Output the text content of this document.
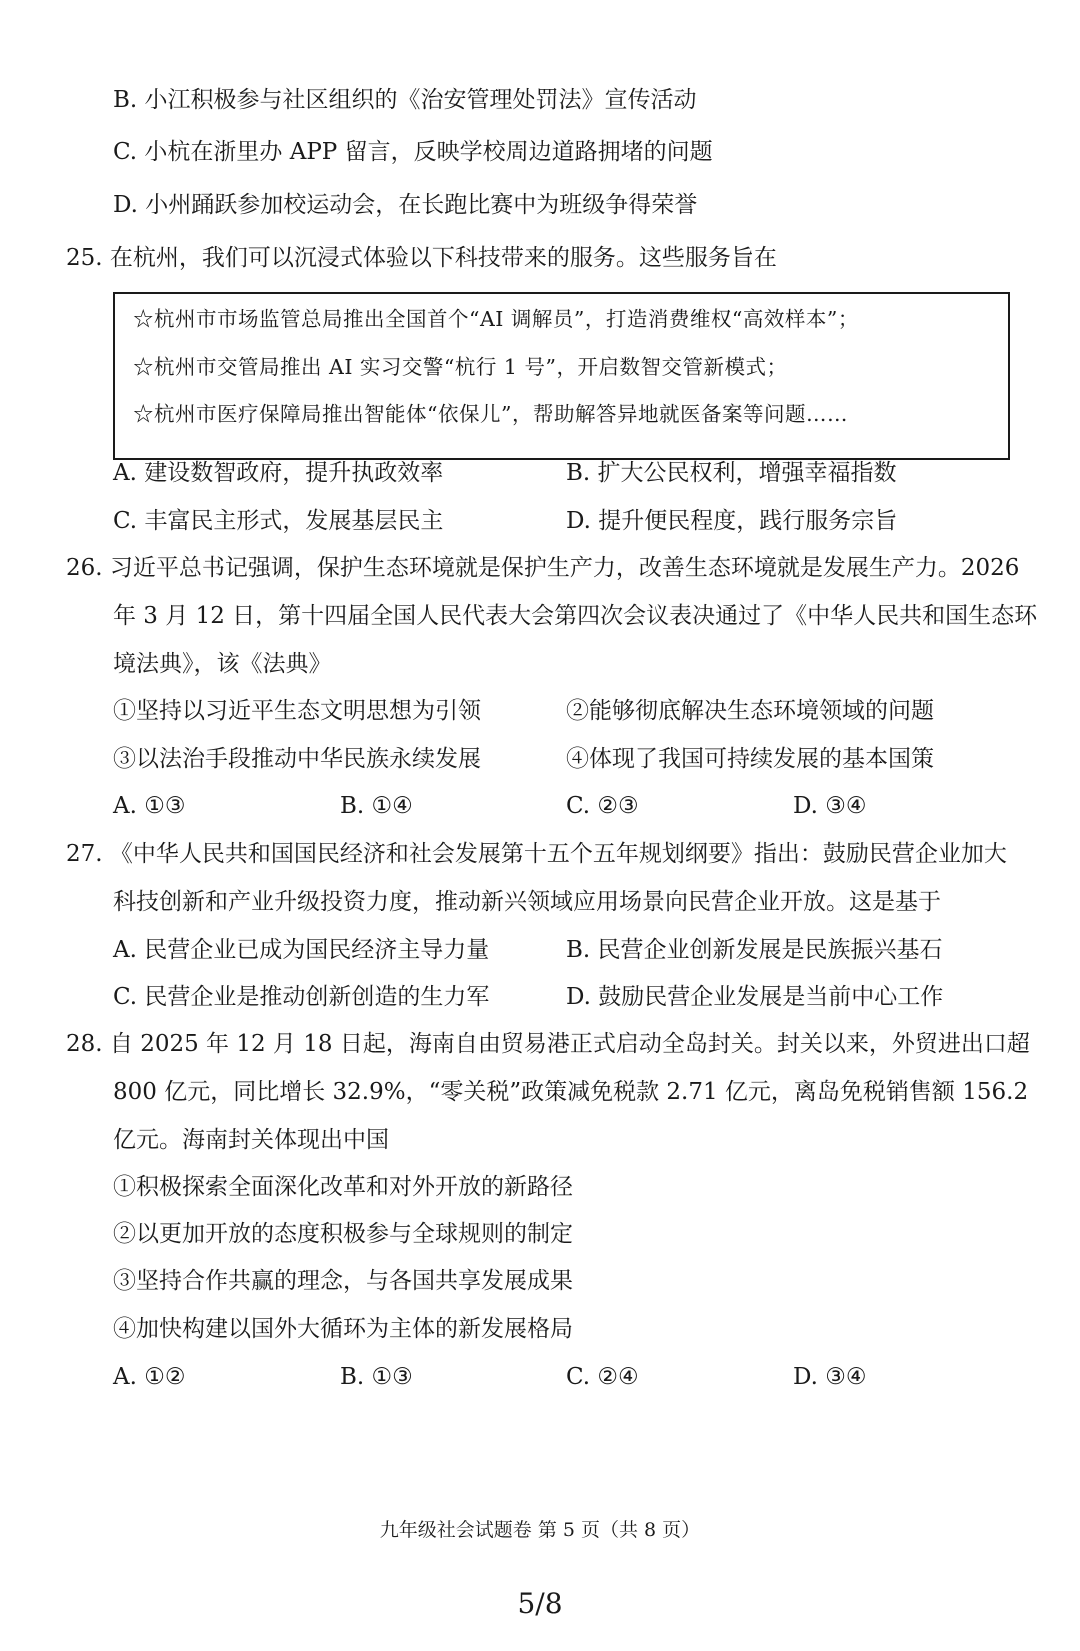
B. 小江积极参与社区组织的《治安管理处罚法》宣传活动
C. 小杭在浙里办 APP 留言，反映学校周边道路拥堵的问题
D. 小州踊跃参加校运动会，在长跑比赛中为班级争得荣誉
25. 在杭州，我们可以沉浸式体验以下科技带来的服务。这些服务旨在
☆杭州市市场监管总局推出全国首个“AI 调解员”，打造消费维权“高效样本”；
☆杭州市交管局推出 AI 实习交警“杭行 1 号”，开启数智交管新模式；
☆杭州市医疗保障局推出智能体“依保儿”，帮助解答异地就医备案等问题……
A. 建设数智政府，提升执政效率	B. 扩大公民权利，增强幸福指数
C. 丰富民主形式，发展基层民主	D. 提升便民程度，践行服务宗旨
26. 习近平总书记强调，保护生态环境就是保护生产力，改善生态环境就是发展生产力。2026
年 3 月 12 日，第十四届全国人民代表大会第四次会议表决通过了《中华人民共和国生态环
境法典》，该《法典》
①坚持以习近平生态文明思想为引领	②能够彻底解决生态环境领域的问题
③以法治手段推动中华民族永续发展	④体现了我国可持续发展的基本国策
A. ①③	B. ①④	C. ②③	D. ③④
27. 《中华人民共和国国民经济和社会发展第十五个五年规划纲要》指出：鼓励民营企业加大
科技创新和产业升级投资力度，推动新兴领域应用场景向民营企业开放。这是基于
A. 民营企业已成为国民经济主导力量	B. 民营企业创新发展是民族振兴基石
C. 民营企业是推动创新创造的生力军	D. 鼓励民营企业发展是当前中心工作
28. 自 2025 年 12 月 18 日起，海南自由贸易港正式启动全岛封关。封关以来，外贸进出口超
800 亿元，同比增长 32.9%，“零关税”政策减免税款 2.71 亿元，离岛免税销售额 156.2
亿元。海南封关体现出中国
①积极探索全面深化改革和对外开放的新路径
②以更加开放的态度积极参与全球规则的制定
③坚持合作共赢的理念，与各国共享发展成果
④加快构建以国外大循环为主体的新发展格局
A. ①②	B. ①③	C. ②④	D. ③④
九年级社会试题卷 第 5 页（共 8 页）
5/8
